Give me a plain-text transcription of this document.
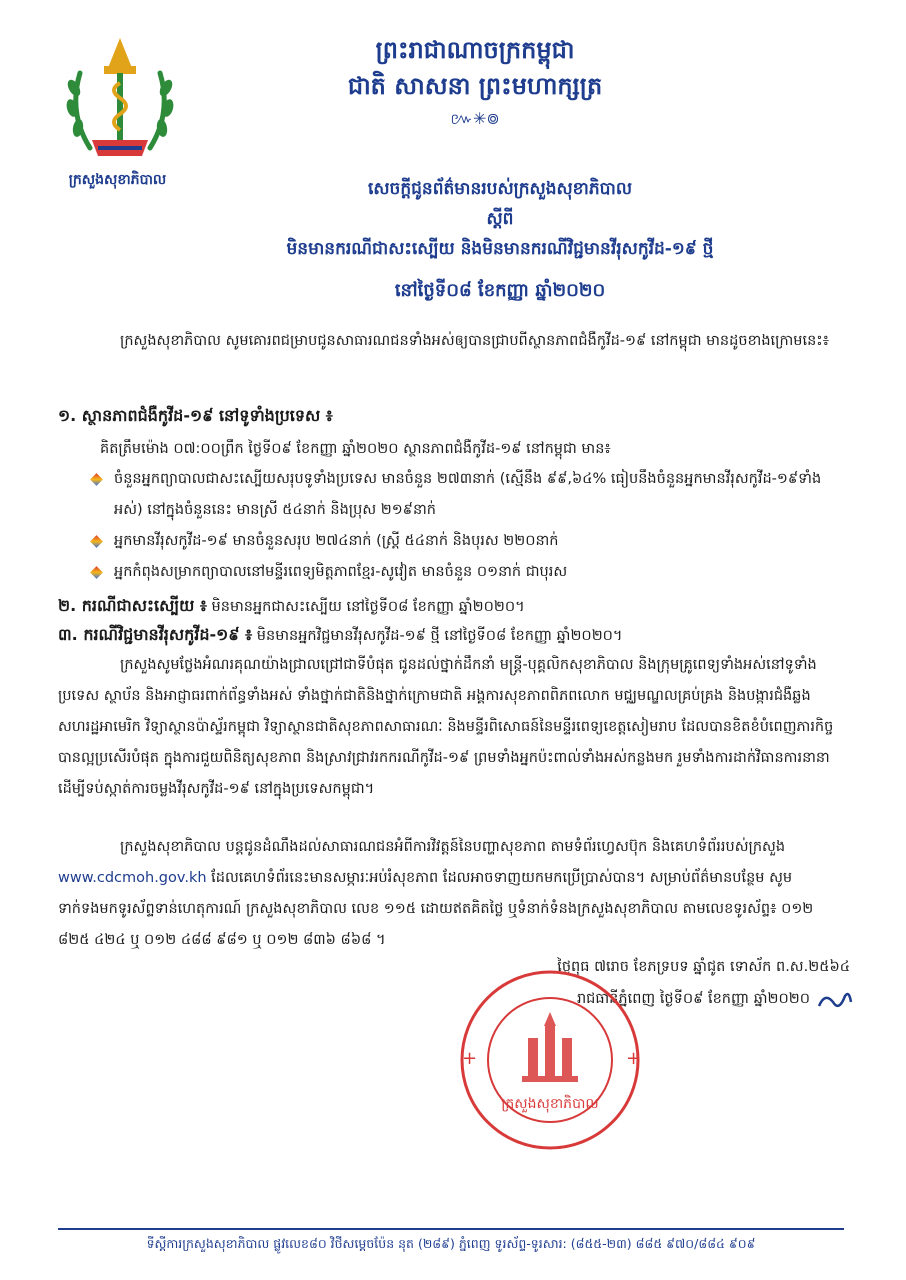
ក្រសួងសុខាភិបាល
ព្រះរាជាណាចក្រកម្ពុជា
ជាតិ សាសនា ព្រះមហាក្សត្រ
៚✳៙
សេចក្ដីជូនព័ត៌មានរបស់ក្រសួងសុខាភិបាល
ស្ដីពី
មិនមានករណីជាសះស្បើយ និងមិនមានករណីវិជ្ជមានវីរុសកូវីដ-១៩ ថ្មី
នៅថ្ងៃទី០៨ ខែកញ្ញា ឆ្នាំ២០២០
ក្រសួងសុខាភិបាល សូមគោរពជម្រាបជូនសាធារណជនទាំងអស់ឲ្យបានជ្រាបពីស្ថានភាពជំងឺកូវីដ-១៩ នៅកម្ពុជា មានដូចខាងក្រោមនេះ៖
១. ស្ថានភាពជំងឺកូវីដ-១៩ នៅទូទាំងប្រទេស ៖
គិតត្រឹមម៉ោង ០៧:០០ព្រឹក ថ្ងៃទី០៩ ខែកញ្ញា ឆ្នាំ២០២០ ស្ថានភាពជំងឺកូវីដ-១៩ នៅកម្ពុជា មាន៖
ចំនួនអ្នកព្យាបាលជាសះស្បើយសរុបទូទាំងប្រទេស មានចំនួន ២៧៣នាក់ (ស្មើនឹង ៩៩,៦៤% ធៀបនឹងចំនួនអ្នកមានវីរុសកូវីដ-១៩ទាំងអស់) នៅក្នុងចំនួននេះ មានស្រី ៥៤នាក់ និងប្រុស ២១៩នាក់
អ្នកមានវីរុសកូវីដ-១៩ មានចំនួនសរុប ២៧៤នាក់ (ស្ត្រី ៥៤នាក់ និងបុរស ២២០នាក់
អ្នកកំពុងសម្រាកព្យាបាលនៅមន្ទីរពេទ្យមិត្តភាពខ្មែរ-សូវៀត មានចំនួន ០១នាក់ ជាបុរស
២. ករណីជាសះស្បើយ ៖ មិនមានអ្នកជាសះស្បើយ នៅថ្ងៃទី០៨ ខែកញ្ញា ឆ្នាំ២០២០។
៣. ករណីវិជ្ជមានវីរុសកូវីដ-១៩ ៖ មិនមានអ្នកវិជ្ជមានវីរុសកូវីដ-១៩ ថ្មី នៅថ្ងៃទី០៨ ខែកញ្ញា ឆ្នាំ២០២០។
ក្រសួងសូមថ្លែងអំណរគុណយ៉ាងជ្រាលជ្រៅជាទីបំផុត ជូនដល់ថ្នាក់ដឹកនាំ មន្ត្រី-បុគ្គលិកសុខាភិបាល និងក្រុមគ្រូពេទ្យទាំងអស់នៅទូទាំងប្រទេស ស្ថាប័ន និងអាជ្ញាធរពាក់ព័ន្ធទាំងអស់ ទាំងថ្នាក់ជាតិនិងថ្នាក់ក្រោមជាតិ អង្គការសុខភាពពិភពលោក មជ្ឈមណ្ឌលគ្រប់គ្រង និងបង្ការជំងឺឆ្លងសហរដ្ឋអាមេរិក វិទ្យាស្ថានប៉ាស្ទ័រកម្ពុជា វិទ្យាស្ថានជាតិសុខភាពសាធារណៈ និងមន្ទីរពិសោធន៍នៃមន្ទីរពេទ្យខេត្តសៀមរាប ដែលបានខិតខំបំពេញភារកិច្ចបានល្អប្រសើរបំផុត ក្នុងការជួយពិនិត្យសុខភាព និងស្រាវជ្រាវរកករណីកូវីដ-១៩ ព្រមទាំងអ្នកប៉ះពាល់ទាំងអស់កន្លងមក រួមទាំងការដាក់វិធានការនានា ដើម្បីទប់ស្កាត់ការចម្លងវីរុសកូវីដ-១៩ នៅក្នុងប្រទេសកម្ពុជា។
ក្រសួងសុខាភិបាល បន្តជូនដំណឹងដល់សាធារណជនអំពីការវិវត្តន៍នៃបញ្ហាសុខភាព តាមទំព័រហ្វេសប៊ុក និងគេហទំព័ររបស់ក្រសួង www.cdcmoh.gov.kh ដែលគេហទំព័រនេះមានសម្ភារៈអប់រំសុខភាព ដែលអាចទាញយកមកប្រើប្រាស់បាន។ សម្រាប់ព័ត៌មានបន្ថែម សូមទាក់ទងមកទូរស័ព្ទទាន់ហេតុការណ៍ ក្រសួងសុខាភិបាល លេខ ១១៥ ដោយឥតគិតថ្លៃ ឬទំនាក់ទំនងក្រសួងសុខាភិបាល តាមលេខទូរស័ព្ទ៖ ០១២ ៨២៥ ៤២៤ ឬ ០១២ ៤៨៨ ៩៨១ ឬ ០១២ ៨៣៦ ៨៦៨ ។
ថ្ងៃពុធ ៧រោច ខែភទ្របទ ឆ្នាំជូត ទោស័ក ព.ស.២៥៦៤
រាជធានីភ្នំពេញ ថ្ងៃទី០៩ ខែកញ្ញា ឆ្នាំ២០២០
ក្រសួងសុខាភិបាល
+	+
ទីស្ដីការក្រសួងសុខាភិបាល ផ្លូវលេខ៨០ វិថីសម្ដេចប៉ែន នុត (២៨៩) ភ្នំពេញ ទូរស័ព្ទ-ទូរសារ: (៨៥៥-២៣) ៨៨៥ ៩៧០/៨៨៤ ៩០៩
